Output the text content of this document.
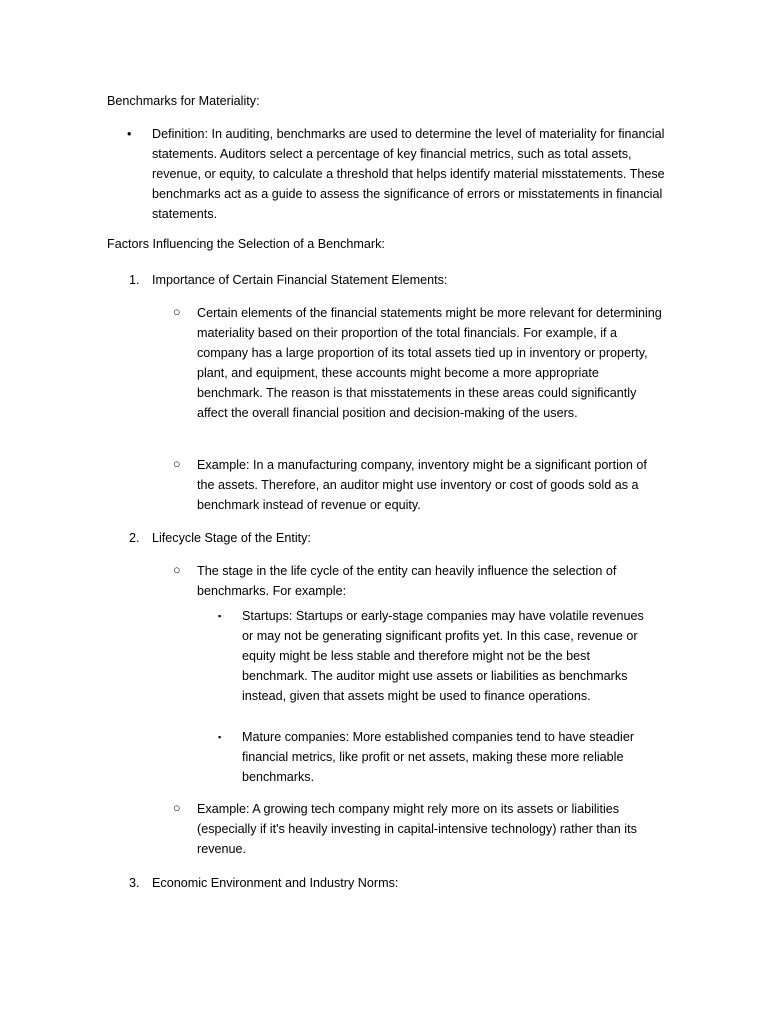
Benchmarks for Materiality:

• Definition: In auditing, benchmarks are used to determine the level of materiality for financial statements. Auditors select a percentage of key financial metrics, such as total assets, revenue, or equity, to calculate a threshold that helps identify material misstatements. These benchmarks act as a guide to assess the significance of errors or misstatements in financial statements.

Factors Influencing the Selection of a Benchmark:

1. Importance of Certain Financial Statement Elements:
○ Certain elements of the financial statements might be more relevant for determining materiality based on their proportion of the total financials. For example, if a company has a large proportion of its total assets tied up in inventory or property, plant, and equipment, these accounts might become a more appropriate benchmark. The reason is that misstatements in these areas could significantly affect the overall financial position and decision-making of the users.
○ Example: In a manufacturing company, inventory might be a significant portion of the assets. Therefore, an auditor might use inventory or cost of goods sold as a benchmark instead of revenue or equity.
2. Lifecycle Stage of the Entity:
○ The stage in the life cycle of the entity can heavily influence the selection of benchmarks. For example:
▪ Startups: Startups or early-stage companies may have volatile revenues or may not be generating significant profits yet. In this case, revenue or equity might be less stable and therefore might not be the best benchmark. The auditor might use assets or liabilities as benchmarks instead, given that assets might be used to finance operations.
▪ Mature companies: More established companies tend to have steadier financial metrics, like profit or net assets, making these more reliable benchmarks.
○ Example: A growing tech company might rely more on its assets or liabilities (especially if it's heavily investing in capital-intensive technology) rather than its revenue.
3. Economic Environment and Industry Norms:
